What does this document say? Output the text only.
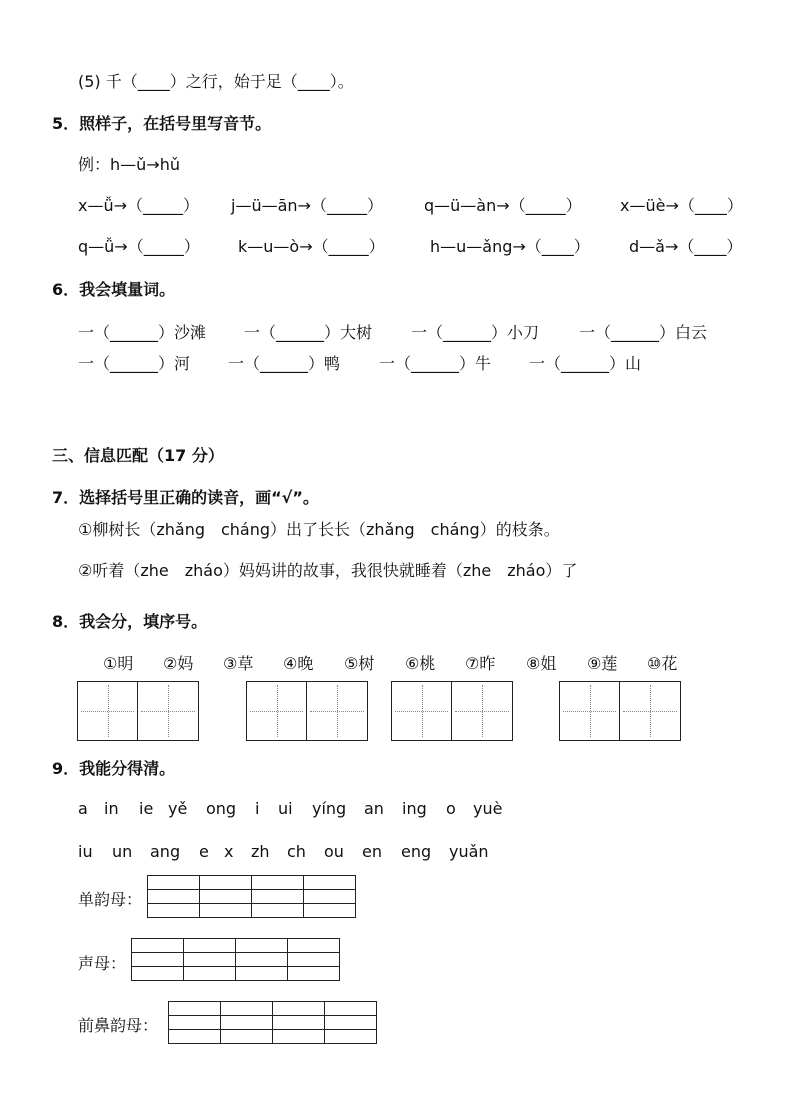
(5) 千（____）之行，始于足（____）。
5．照样子，在括号里写音节。
例：h—ǔ→hǔ
x—ǚ→（_____） j—ü—ān→（_____）	q—ü—àn→（_____） x—üè→（____）
q—ǚ→（_____） k—u—ò→（_____）	h—u—ǎng→（____） d—ǎ→（____）
6．我会填量词。
一（______）沙滩 一（______）大树 一（______）小刀 一（______）白云
一（______）河 一（______）鸭 一（______）牛 一（______）山
三、信息匹配（17 分）
7．选择括号里正确的读音，画“√”。
①柳树长（zhǎng　cháng）出了长长（zhǎng　cháng）的枝条。
②听着（zhe　zháo）妈妈讲的故事，我很快就睡着（zhe　zháo）了
8．我会分，填序号。
①明 ②妈 ③草 ④晚 ⑤树 ⑥桃 ⑦昨 ⑧姐 ⑨莲 ⑩花
9．我能分得清。
a in ie yě ong i ui yíng an ing o yuè
iu un ang e x zh ch ou en eng yuǎn
单韵母：

声母：

前鼻韵母：
